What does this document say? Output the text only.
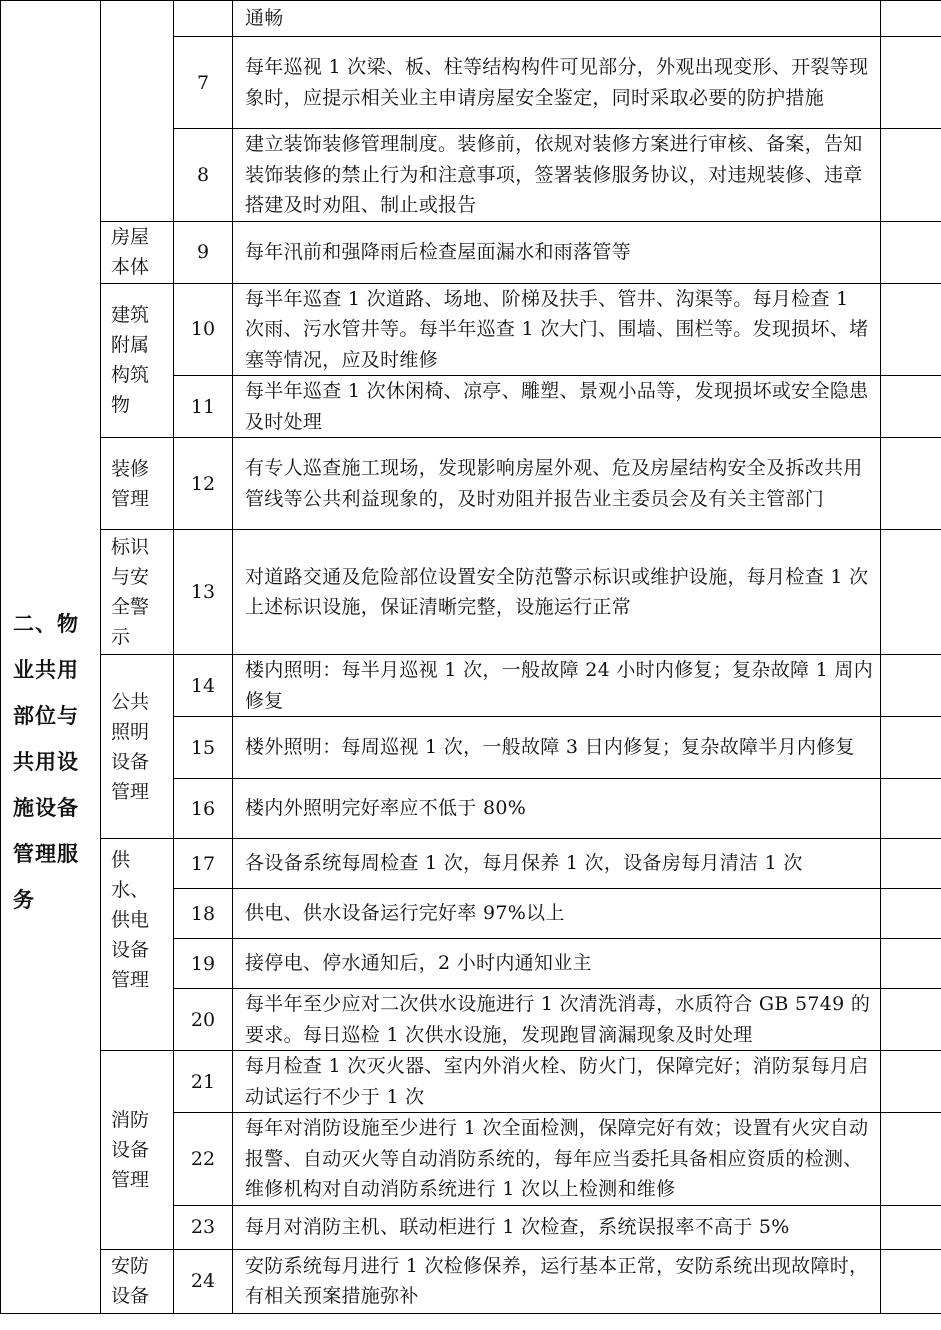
二、物业共用部位与共用设施设备管理服务			通畅	
		7	每年巡视 1 次梁、板、柱等结构构件可见部分，外观出现变形、开裂等现象时，应提示相关业主申请房屋安全鉴定，同时采取必要的防护措施	
		8	建立装饰装修管理制度。装修前，依规对装修方案进行审核、备案，告知装饰装修的禁止行为和注意事项，签署装修服务协议，对违规装修、违章搭建及时劝阻、制止或报告	
	房屋本体	9	每年汛前和强降雨后检查屋面漏水和雨落管等	
	建筑附属构筑物	10	每半年巡查 1 次道路、场地、阶梯及扶手、管井、沟渠等。每月检查 1 次雨、污水管井等。每半年巡查 1 次大门、围墙、围栏等。发现损坏、堵塞等情况，应及时维修	
		11	每半年巡查 1 次休闲椅、凉亭、雕塑、景观小品等，发现损坏或安全隐患及时处理	
	装修管理	12	有专人巡查施工现场，发现影响房屋外观、危及房屋结构安全及拆改共用管线等公共利益现象的，及时劝阻并报告业主委员会及有关主管部门	
	标识与安全警示	13	对道路交通及危险部位设置安全防范警示标识或维护设施，每月检查 1 次上述标识设施，保证清晰完整，设施运行正常	
	公共照明设备管理	14	楼内照明：每半月巡视 1 次，一般故障 24 小时内修复；复杂故障 1 周内修复	
		15	楼外照明：每周巡视 1 次，一般故障 3 日内修复；复杂故障半月内修复	
		16	楼内外照明完好率应不低于 80%	

	供水、供电设备管理	17	各设备系统每周检查 1 次，每月保养 1 次，设备房每月清洁 1 次	
		18	供电、供水设备运行完好率 97%以上	
		19	接停电、停水通知后，2 小时内通知业主	
		20	每半年至少应对二次供水设施进行 1 次清洗消毒，水质符合 GB 5749 的要求。每日巡检 1 次供水设施，发现跑冒滴漏现象及时处理	
	消防设备管理	21	每月检查 1 次灭火器、室内外消火栓、防火门，保障完好；消防泵每月启动试运行不少于 1 次	
		22	每年对消防设施至少进行 1 次全面检测，保障完好有效；设置有火灾自动报警、自动灭火等自动消防系统的，每年应当委托具备相应资质的检测、维修机构对自动消防系统进行 1 次以上检测和维修	
		23	每月对消防主机、联动柜进行 1 次检查，系统误报率不高于 5%	
	安防设备	24	安防系统每月进行 1 次检修保养，运行基本正常，安防系统出现故障时，有相关预案措施弥补	
